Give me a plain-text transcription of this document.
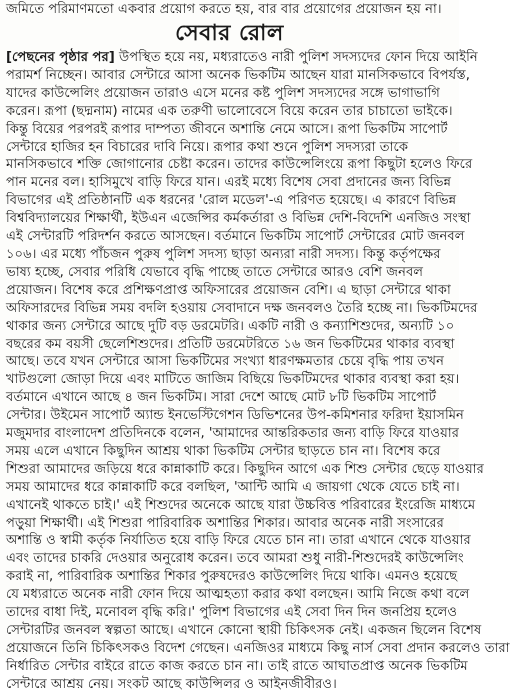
জমিতে পরিমাণমতো একবার প্রয়োগ করতে হয়, বার বার প্রয়োগের প্রয়োজন হয় না।
সেবার রোল
[পেছনের পৃষ্ঠার পর] উপস্থিত হয়ে নয়, মধ্যরাতেও নারী পুলিশ সদস্যদের ফোন দিয়ে আইনি
পরামর্শ নিচ্ছেন। আবার সেন্টারে আসা অনেক ভিকটিম আছেন যারা মানসিকভাবে বিপর্যস্ত,
যাদের কাউন্সেলিং প্রয়োজন তারাও এসে মনের কষ্ট পুলিশ সদস্যদের সঙ্গে ভাগাভাগি
করেন। রূপা (ছদ্মনাম) নামের এক তরুণী ভালোবেসে বিয়ে করেন তার চাচাতো ভাইকে।
কিন্তু বিয়ের পরপরই রূপার দাম্পত্য জীবনে অশান্তি নেমে আসে। রূপা ভিকটিম সাপোর্ট
সেন্টারে হাজির হন বিচারের দাবি নিয়ে। রূপার কথা শুনে পুলিশ সদস্যরা তাকে
মানসিকভাবে শক্তি জোগানোর চেষ্টা করেন। তাদের কাউন্সেলিংয়ে রূপা কিছুটা হলেও ফিরে
পান মনের বল। হাসিমুখে বাড়ি ফিরে যান। এরই মধ্যে বিশেষ সেবা প্রদানের জন্য বিভিন্ন
বিভাগের এই প্রতিষ্ঠানটি এক ধরনের 'রোল মডেল'-এ পরিণত হয়েছে। এ কারণে বিভিন্ন
বিশ্ববিদ্যালয়ের শিক্ষার্থী, ইউএন এজেন্সির কর্মকর্তারা ও বিভিন্ন দেশি-বিদেশি এনজিও সংস্থা
এই সেন্টারটি পরিদর্শন করতে আসছেন। বর্তমানে ভিকটিম সাপোর্ট সেন্টারের মোট জনবল
১০৬। এর মধ্যে পাঁচজন পুরুষ পুলিশ সদস্য ছাড়া অন্যরা নারী সদস্য। কিন্তু কর্তৃপক্ষের
ভাষ্য হচ্ছে, সেবার পরিধি যেভাবে বৃদ্ধি পাচ্ছে তাতে সেন্টারে আরও বেশি জনবল
প্রয়োজন। বিশেষ করে প্রশিক্ষণপ্রাপ্ত অফিসারের প্রয়োজন বেশি। এ ছাড়া সেন্টারে থাকা
অফিসারদের বিভিন্ন সময় বদলি হওয়ায় সেবাদানে দক্ষ জনবলও তৈরি হচ্ছে না। ভিকটিমদের
থাকার জন্য সেন্টারে আছে দুটি বড় ডরমেটরি। একটি নারী ও কন্যাশিশুদের, অন্যটি ১০
বছরের কম বয়সী ছেলেশিশুদের। প্রতিটি ডরমেটরিতে ১৬ জন ভিকটিমের থাকার ব্যবস্থা
আছে। তবে যখন সেন্টারে আসা ভিকটিমের সংখ্যা ধারণক্ষমতার চেয়ে বৃদ্ধি পায় তখন
খাটগুলো জোড়া দিয়ে এবং মাটিতে জাজিম বিছিয়ে ভিকটিমদের থাকার ব্যবস্থা করা হয়।
বর্তমানে এখানে আছে ৪ জন ভিকটিম। সারা দেশে আছে মোট ৮টি ভিকটিম সাপোর্ট
সেন্টার। উইমেন সাপোর্ট অ্যান্ড ইনভেস্টিগেশন ডিভিশনের উপ-কমিশনার ফরিদা ইয়াসমিন
মজুমদার বাংলাদেশ প্রতিদিনকে বলেন, 'আমাদের আন্তরিকতার জন্য বাড়ি ফিরে যাওয়ার
সময় এলে এখানে কিছুদিন আশ্রয় থাকা ভিকটিম সেন্টার ছাড়তে চান না। বিশেষ করে
শিশুরা আমাদের জড়িয়ে ধরে কান্নাকাটি করে। কিছুদিন আগে এক শিশু সেন্টার ছেড়ে যাওয়ার
সময় আমাদের ধরে কান্নাকাটি করে বলছিল, 'আন্টি আমি এ জায়গা থেকে যেতে চাই না।
এখানেই থাকতে চাই।' এই শিশুদের অনেকে আছে যারা উচ্চবিত্ত পরিবারের ইংরেজি মাধ্যমে
পড়ুয়া শিক্ষার্থী। এই শিশুরা পারিবারিক অশান্তির শিকার। আবার অনেক নারী সংসারের
অশান্তি ও স্বামী কর্তৃক নির্যাতিত হয়ে বাড়ি ফিরে যেতে চান না। তারা এখানে থেকে যাওয়ার
এবং তাদের চাকরি দেওয়ার অনুরোধ করেন। তবে আমরা শুধু নারী-শিশুদেরই কাউন্সেলিং
করাই না, পারিবারিক অশান্তির শিকার পুরুষদেরও কাউন্সেলিং দিয়ে থাকি। এমনও হয়েছে
যে মধ্যরাতে অনেক নারী ফোন দিয়ে আত্মহত্যা করার কথা বলছেন। আমি নিজে কথা বলে
তাদের বাধা দিই, মনোবল বৃদ্ধি করি।' পুলিশ বিভাগের এই সেবা দিন দিন জনপ্রিয় হলেও
সেন্টারটির জনবল স্বল্পতা আছে। এখানে কোনো স্থায়ী চিকিৎসক নেই। একজন ছিলেন বিশেষ
প্রয়োজনে তিনি চিকিৎসকও বিদেশ গেছেন। এনজিওর মাধ্যমে কিছু নার্স সেবা প্রদান করলেও তারা
নির্ধারিত সেন্টার বাইরে রাতে কাজ করতে চান না। তাই রাতে আঘাতপ্রাপ্ত অনেক ভিকটিম
সেন্টারে আশ্রয় নেয়। সংকট আছে কাউন্সিলর ও আইনজীবীরও।
